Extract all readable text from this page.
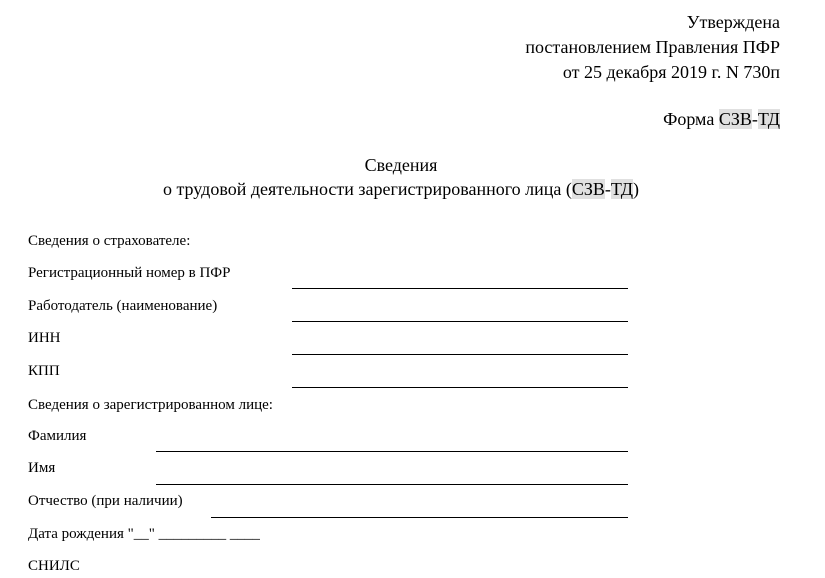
Утверждена
постановлением Правления ПФР
от 25 декабря 2019 г. N 730п
Форма СЗВ-ТД
Сведения
о трудовой деятельности зарегистрированного лица (СЗВ-ТД)
Сведения о страхователе:
Регистрационный номер в ПФР
Работодатель (наименование)
ИНН
КПП
Сведения о зарегистрированном лице:
Фамилия
Имя
Отчество (при наличии)
Дата рождения "__" _________ ____
СНИЛС
